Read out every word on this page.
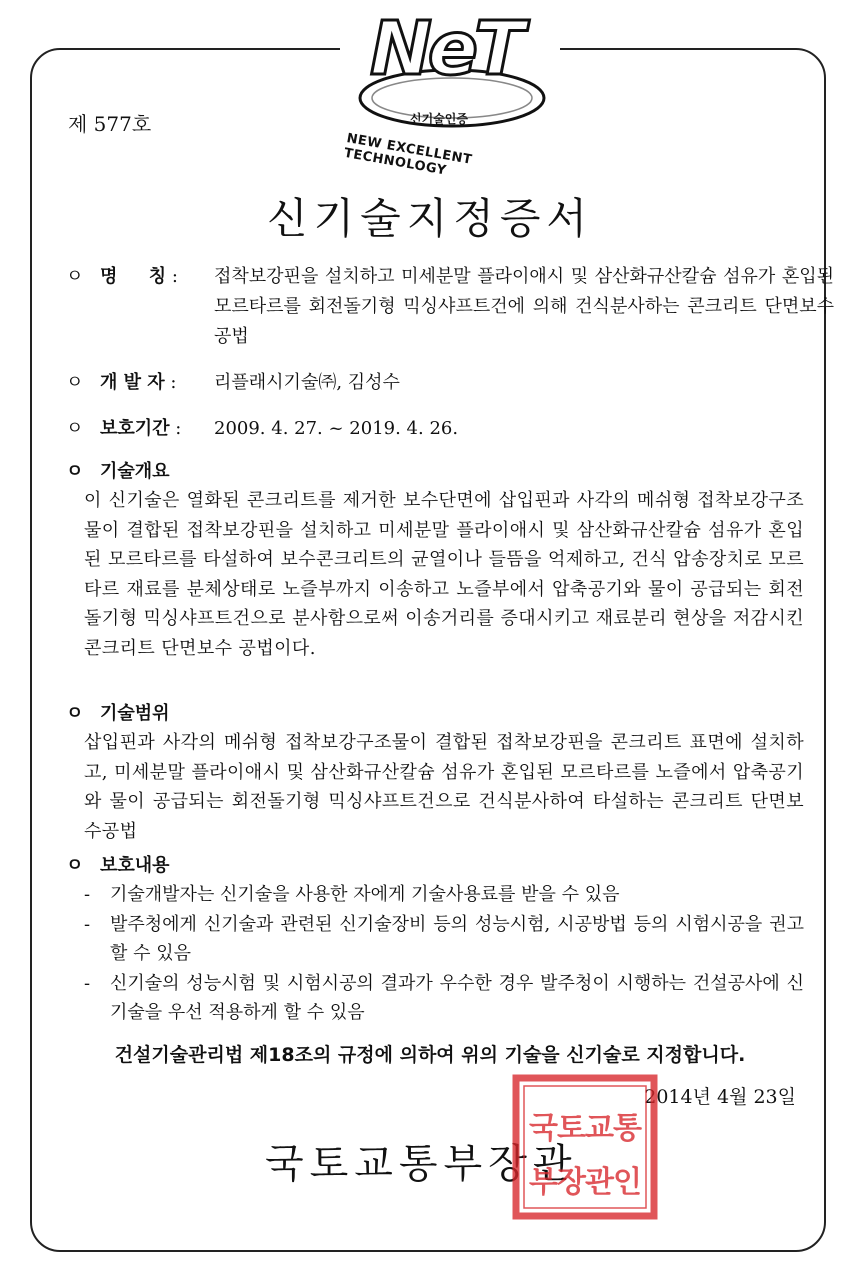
NeT
신기술인증
NEW EXCELLENT TECHNOLOGY
제 577호
신기술지정증서
ㅇ 명     칭 : 접착보강핀을 설치하고 미세분말 플라이애시 및 삼산화규산칼슘 섬유가 혼입된 모르타르를 회전돌기형 믹싱샤프트건에 의해 건식분사하는 콘크리트 단면보수공법
ㅇ 개 발 자 : 리플래시기술㈜, 김성수
ㅇ 보호기간 : 2009. 4. 27. ~ 2019. 4. 26.
ㅇ 기술개요
이 신기술은 열화된 콘크리트를 제거한 보수단면에 삽입핀과 사각의 메쉬형 접착보강구조물이 결합된 접착보강핀을 설치하고 미세분말 플라이애시 및 삼산화규산칼슘 섬유가 혼입된 모르타르를 타설하여 보수콘크리트의 균열이나 들뜸을 억제하고, 건식 압송장치로 모르타르 재료를 분체상태로 노즐부까지 이송하고 노즐부에서 압축공기와 물이 공급되는 회전돌기형 믹싱샤프트건으로 분사함으로써 이송거리를 증대시키고 재료분리 현상을 저감시킨 콘크리트 단면보수 공법이다.
ㅇ 기술범위
삽입핀과 사각의 메쉬형 접착보강구조물이 결합된 접착보강핀을 콘크리트 표면에 설치하고, 미세분말 플라이애시 및 삼산화규산칼슘 섬유가 혼입된 모르타르를 노즐에서 압축공기와 물이 공급되는 회전돌기형 믹싱샤프트건으로 건식분사하여 타설하는 콘크리트 단면보수공법
ㅇ 보호내용
-	기술개발자는 신기술을 사용한 자에게 기술사용료를 받을 수 있음
-	발주청에게 신기술과 관련된 신기술장비 등의 성능시험, 시공방법 등의 시험시공을 권고할 수 있음
-	신기술의 성능시험 및 시험시공의 결과가 우수한 경우 발주청이 시행하는 건설공사에 신기술을 우선 적용하게 할 수 있음
건설기술관리법 제18조의 규정에 의하여 위의 기술을 신기술로 지정합니다.
2014년 4월 23일
국토교통부장관
국토교통
부장관인
